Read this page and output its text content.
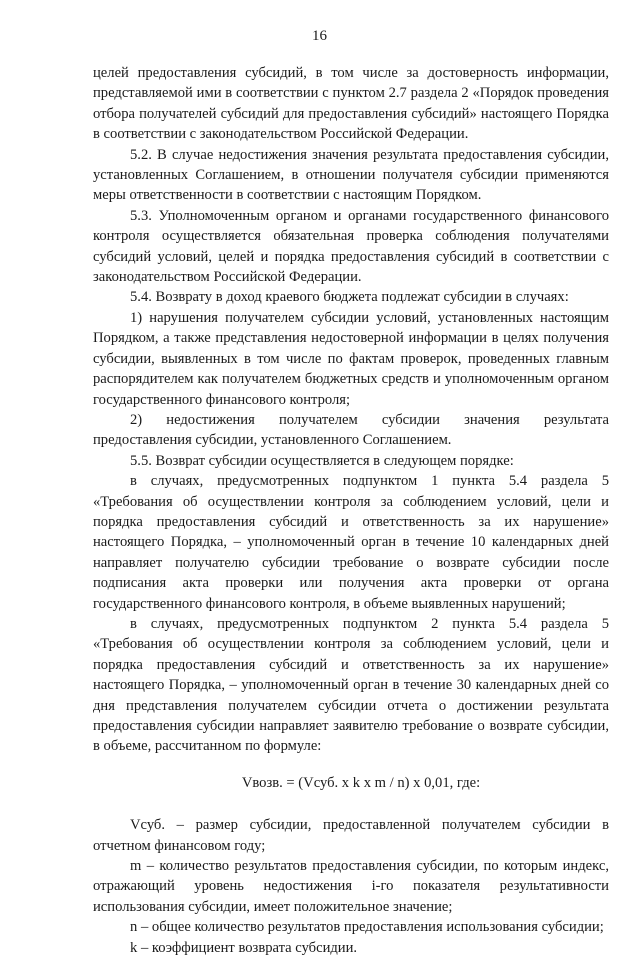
16

целей предоставления субсидий, в том числе за достоверность информации, представляемой ими в соответствии с пунктом 2.7 раздела 2 «Порядок проведения отбора получателей субсидий для предоставления субсидий» настоящего Порядка в соответствии с законодательством Российской Федерации.

5.2. В случае недостижения значения результата предоставления субсидии, установленных Соглашением, в отношении получателя субсидии применяются меры ответственности в соответствии с настоящим Порядком.

5.3. Уполномоченным органом и органами государственного финансового контроля осуществляется обязательная проверка соблюдения получателями субсидий условий, целей и порядка предоставления субсидий в соответствии с законодательством Российской Федерации.

5.4. Возврату в доход краевого бюджета подлежат субсидии в случаях:

1) нарушения получателем субсидии условий, установленных настоящим Порядком, а также представления недостоверной информации в целях получения субсидии, выявленных в том числе по фактам проверок, проведенных главным распорядителем как получателем бюджетных средств и уполномоченным органом государственного финансового контроля;

2) недостижения получателем субсидии значения результата предоставления субсидии, установленного Соглашением.

5.5. Возврат субсидии осуществляется в следующем порядке:

в случаях, предусмотренных подпунктом 1 пункта 5.4 раздела 5 «Требования об осуществлении контроля за соблюдением условий, цели и порядка предоставления субсидий и ответственность за их нарушение» настоящего Порядка, – уполномоченный орган в течение 10 календарных дней направляет получателю субсидии требование о возврате субсидии после подписания акта проверки или получения акта проверки от органа государственного финансового контроля, в объеме выявленных нарушений;

в случаях, предусмотренных подпунктом 2 пункта 5.4 раздела 5 «Требования об осуществлении контроля за соблюдением условий, цели и порядка предоставления субсидий и ответственность за их нарушение» настоящего Порядка, – уполномоченный орган в течение 30 календарных дней со дня представления получателем субсидии отчета о достижении результата предоставления субсидии направляет заявителю требование о возврате субсидии, в объеме, рассчитанном по формуле:

Vвозв. = (Vсуб. x k x m / n) x 0,01, где:

Vсуб. – размер субсидии, предоставленной получателем субсидии в отчетном финансовом году;

m – количество результатов предоставления субсидии, по которым индекс, отражающий уровень недостижения i-го показателя результативности использования субсидии, имеет положительное значение;

n – общее количество результатов предоставления использования субсидии;

k – коэффициент возврата субсидии.
